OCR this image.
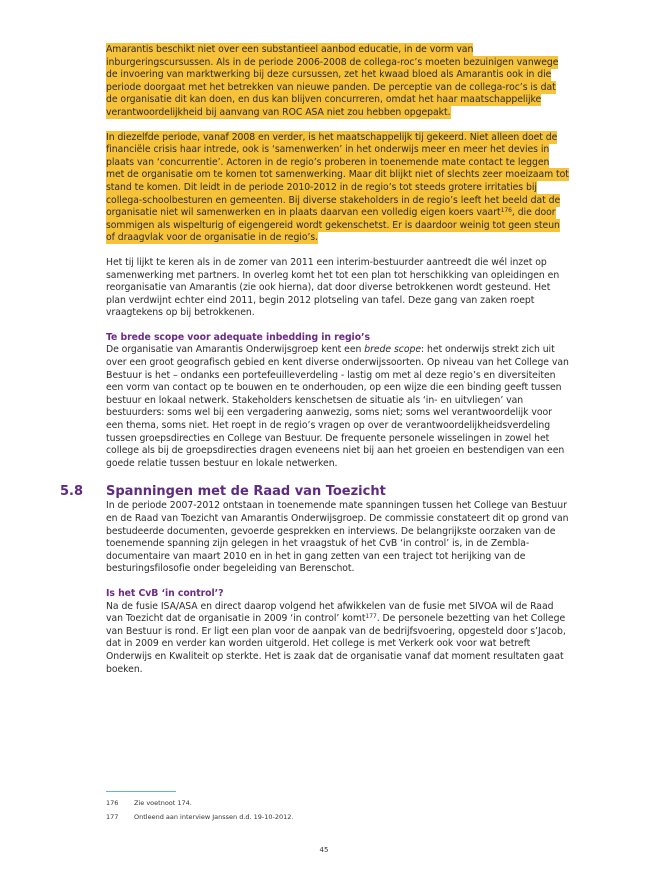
Amarantis beschikt niet over een substantieel aanbod educatie, in de vorm van inburgeringscursussen. Als in de periode 2006-2008 de collega-roc’s moeten bezuinigen vanwege de invoering van marktwerking bij deze cursussen, zet het kwaad bloed als Amarantis ook in die periode doorgaat met het betrekken van nieuwe panden. De perceptie van de collega-roc’s is dat de organisatie dit kan doen, en dus kan blijven concurreren, omdat het haar maatschappelijke verantwoordelijkheid bij aanvang van ROC ASA niet zou hebben opgepakt.

In diezelfde periode, vanaf 2008 en verder, is het maatschappelijk tij gekeerd. Niet alleen doet de financiële crisis haar intrede, ook is ‘samenwerken’ in het onderwijs meer en meer het devies in plaats van ‘concurrentie’. Actoren in de regio’s proberen in toenemende mate contact te leggen met de organisatie om te komen tot samenwerking. Maar dit blijkt niet of slechts zeer moeizaam tot stand te komen. Dit leidt in de periode 2010-2012 in de regio’s tot steeds grotere irritaties bij collega-schoolbesturen en gemeenten. Bij diverse stakeholders in de regio’s leeft het beeld dat de organisatie niet wil samenwerken en in plaats daarvan een volledig eigen koers vaart$^{176}$, die door sommigen als wispelturig of eigengereid wordt gekenschetst. Er is daardoor weinig tot geen steun of draagvlak voor de organisatie in de regio’s.

Het tij lijkt te keren als in de zomer van 2011 een interim-bestuurder aantreedt die wél inzet op samenwerking met partners. In overleg komt het tot een plan tot herschikking van opleidingen en reorganisatie van Amarantis (zie ook hierna), dat door diverse betrokkenen wordt gesteund. Het plan verdwijnt echter eind 2011, begin 2012 plotseling van tafel. Deze gang van zaken roept vraagtekens op bij betrokkenen.

Te brede scope voor adequate inbedding in regio’s

De organisatie van Amarantis Onderwijsgroep kent een brede scope: het onderwijs strekt zich uit over een groot geografisch gebied en kent diverse onderwijssoorten. Op niveau van het College van Bestuur is het – ondanks een portefeuilleverdeling - lastig om met al deze regio’s en diversiteiten een vorm van contact op te bouwen en te onderhouden, op een wijze die een binding geeft tussen bestuur en lokaal netwerk. Stakeholders kenschetsen de situatie als ‘in- en uitvliegen’ van bestuurders: soms wel bij een vergadering aanwezig, soms niet; soms wel verantwoordelijk voor een thema, soms niet. Het roept in de regio’s vragen op over de verantwoordelijkheidsverdeling tussen groepsdirecties en College van Bestuur. De frequente personele wisselingen in zowel het college als bij de groepsdirecties dragen eveneens niet bij aan het groeien en bestendigen van een goede relatie tussen bestuur en lokale netwerken.

5.8 Spanningen met de Raad van Toezicht

In de periode 2007-2012 ontstaan in toenemende mate spanningen tussen het College van Bestuur en de Raad van Toezicht van Amarantis Onderwijsgroep. De commissie constateert dit op grond van bestudeerde documenten, gevoerde gesprekken en interviews. De belangrijkste oorzaken van de toenemende spanning zijn gelegen in het vraagstuk of het CvB ‘in control’ is, in de Zembla-documentaire van maart 2010 en in het in gang zetten van een traject tot herijking van de besturingsfilosofie onder begeleiding van Berenschot.

Is het CvB ‘in control’?

Na de fusie ISA/ASA en direct daarop volgend het afwikkelen van de fusie met SIVOA wil de Raad van Toezicht dat de organisatie in 2009 ‘in control’ komt$^{177}$. De personele bezetting van het College van Bestuur is rond. Er ligt een plan voor de aanpak van de bedrijfsvoering, opgesteld door s’Jacob, dat in 2009 en verder kan worden uitgerold. Het college is met Verkerk ook voor wat betreft Onderwijs en Kwaliteit op sterkte. Het is zaak dat de organisatie vanaf dat moment resultaten gaat boeken.

176 Zie voetnoot 174.
177 Ontleend aan interview Janssen d.d. 19-10-2012.
45
